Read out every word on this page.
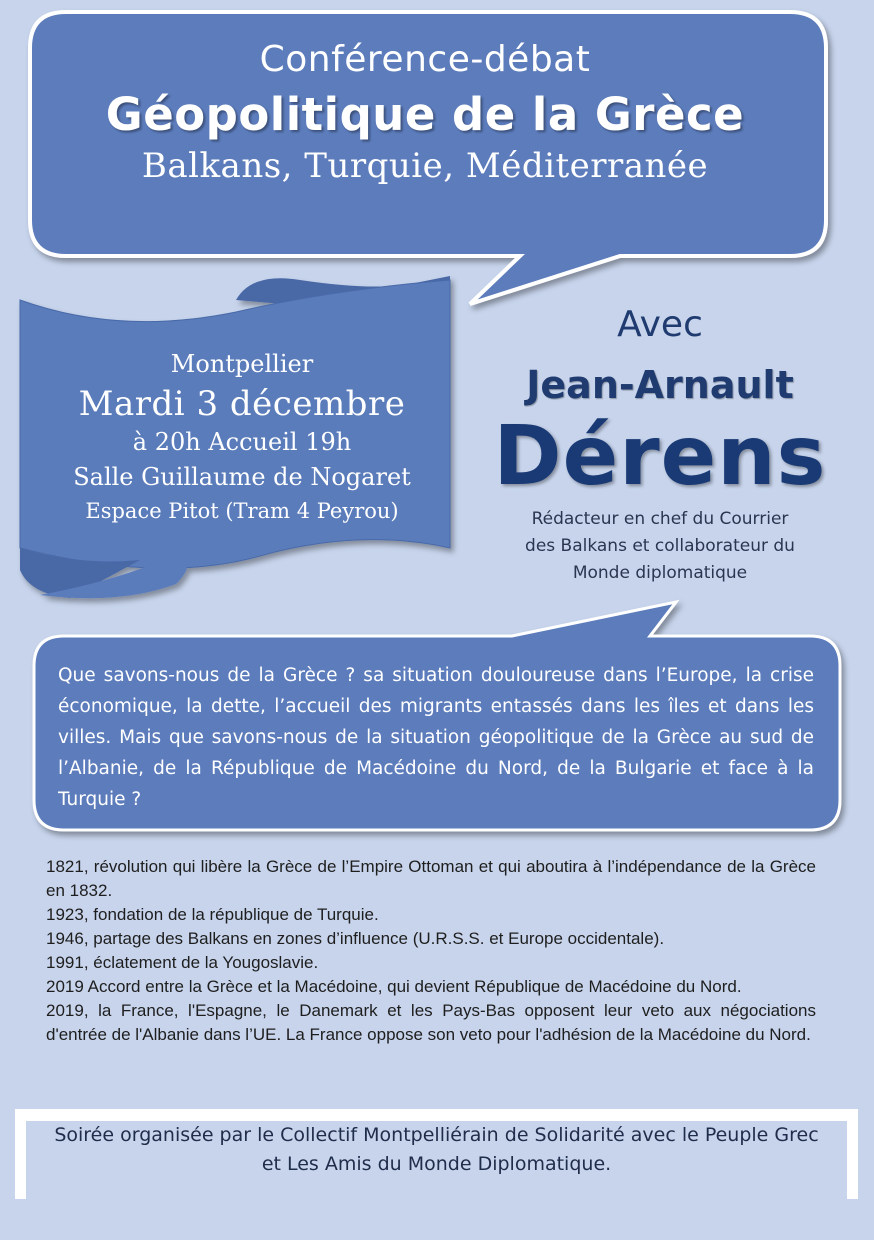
Conférence-débat
Géopolitique de la Grèce
Balkans, Turquie, Méditerranée
Montpellier
Mardi 3 décembre
à 20h Accueil 19h
Salle Guillaume de Nogaret
Espace Pitot (Tram 4 Peyrou)
Avec
Jean-Arnault
Dérens
Rédacteur en chef du Courrier
des Balkans et collaborateur du
Monde diplomatique
Que savons-nous de la Grèce ? sa situation douloureuse dans l’Europe, la crise économique, la dette, l’accueil des migrants entassés dans les îles et dans les villes. Mais que savons-nous de la situation géopolitique de la Grèce au sud de l’Albanie, de la République de Macédoine du Nord, de la Bulgarie et face à la Turquie ?

1821, révolution qui libère la Grèce de l’Empire Ottoman et qui aboutira à l’indépendance de la Grèce en 1832.

1923, fondation de la république de Turquie.

1946, partage des Balkans en zones d’influence (U.R.S.S. et Europe occidentale).

1991, éclatement de la Yougoslavie.

2019 Accord entre la Grèce et la Macédoine, qui devient République de Macédoine du Nord.

2019, la France, l'Espagne, le Danemark et les Pays-Bas opposent leur veto aux négociations d'entrée de l'Albanie dans l’UE. La France oppose son veto pour l'adhésion de la Macédoine du Nord.

Soirée organisée par le Collectif Montpelliérain de Solidarité avec le Peuple Grec
et Les Amis du Monde Diplomatique.
